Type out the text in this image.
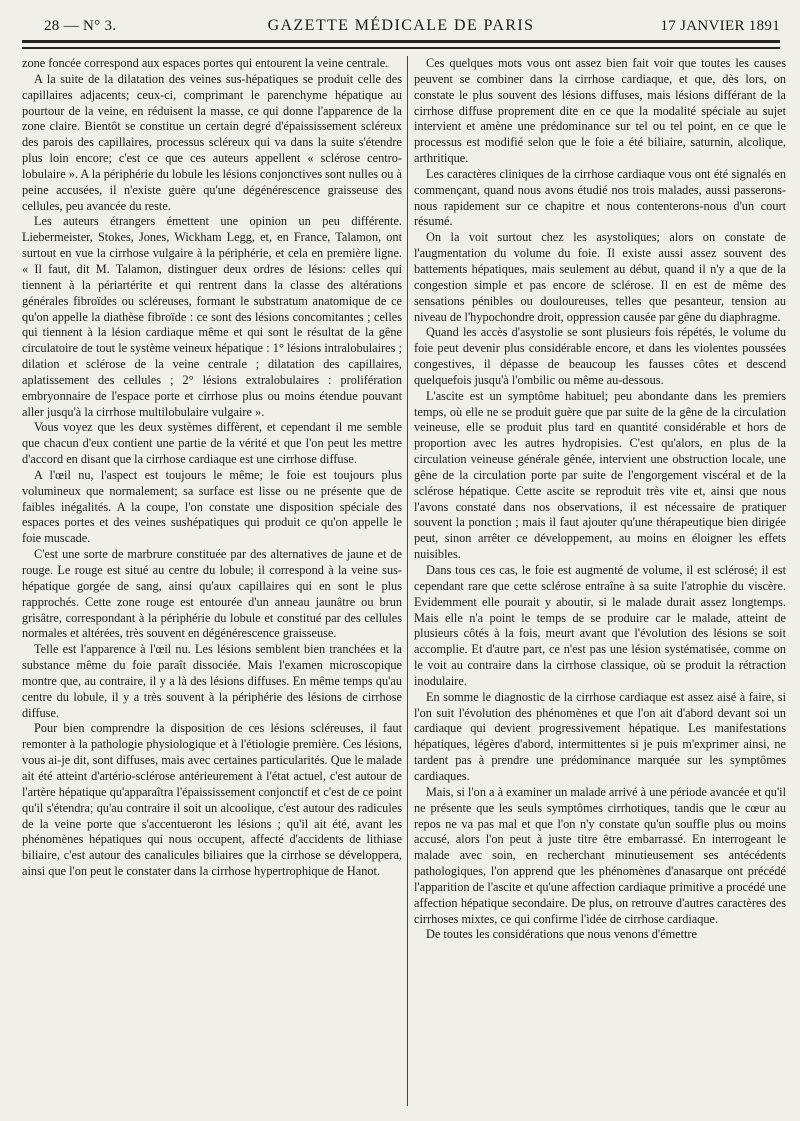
28 — N° 3.	GAZETTE MÉDICALE DE PARIS	17 JANVIER 1891

zone foncée correspond aux espaces portes qui entourent la veine centrale.

A la suite de la dilatation des veines sus-hépatiques se produit celle des capillaires adjacents; ceux-ci, comprimant le parenchyme hépatique au pourtour de la veine, en réduisent la masse, ce qui donne l'apparence de la zone claire. Bientôt se constitue un certain degré d'épaississement scléreux des parois des capillaires, processus scléreux qui va dans la suite s'étendre plus loin encore; c'est ce que ces auteurs appellent « sclérose centro-lobulaire ». A la périphérie du lobule les lésions conjonctives sont nulles ou à peine accusées, il n'existe guère qu'une dégénérescence graisseuse des cellules, peu avancée du reste.

Les auteurs étrangers émettent une opinion un peu différente. Liebermeister, Stokes, Jones, Wickham Legg, et, en France, Talamon, ont surtout en vue la cirrhose vulgaire à la périphérie, et cela en première ligne. « Il faut, dit M. Talamon, distinguer deux ordres de lésions: celles qui tiennent à la périartérite et qui rentrent dans la classe des altérations générales fibroïdes ou scléreuses, formant le substratum anatomique de ce qu'on appelle la diathèse fibroïde : ce sont des lésions concomitantes ; celles qui tiennent à la lésion cardiaque même et qui sont le résultat de la gêne circulatoire de tout le système veineux hépatique : 1° lésions intralobulaires ; dilation et sclérose de la veine centrale ; dilatation des capillaires, aplatissement des cellules ; 2° lésions extralobulaires : prolifération embryonnaire de l'espace porte et cirrhose plus ou moins étendue pouvant aller jusqu'à la cirrhose multilobulaire vulgaire ».

Vous voyez que les deux systèmes diffèrent, et cependant il me semble que chacun d'eux contient une partie de la vérité et que l'on peut les mettre d'accord en disant que la cirrhose cardiaque est une cirrhose diffuse.

A l'œil nu, l'aspect est toujours le même; le foie est toujours plus volumineux que normalement; sa surface est lisse ou ne présente que de faibles inégalités. A la coupe, l'on constate une disposition spéciale des espaces portes et des veines sushépatiques qui produit ce qu'on appelle le foie muscade.

C'est une sorte de marbrure constituée par des alternatives de jaune et de rouge. Le rouge est situé au centre du lobule; il correspond à la veine sus-hépatique gorgée de sang, ainsi qu'aux capillaires qui en sont le plus rapprochés. Cette zone rouge est entourée d'un anneau jaunâtre ou brun grisâtre, correspondant à la périphérie du lobule et constitué par des cellules normales et altérées, très souvent en dégénérescence graisseuse.

Telle est l'apparence à l'œil nu. Les lésions semblent bien tranchées et la substance même du foie paraît dissociée. Mais l'examen microscopique montre que, au contraire, il y a là des lésions diffuses. En même temps qu'au centre du lobule, il y a très souvent à la périphérie des lésions de cirrhose diffuse.

Pour bien comprendre la disposition de ces lésions scléreuses, il faut remonter à la pathologie physiologique et à l'étiologie première. Ces lésions, vous ai-je dit, sont diffuses, mais avec certaines particularités. Que le malade ait été atteint d'artério-sclérose antérieurement à l'état actuel, c'est autour de l'artère hépatique qu'apparaîtra l'épaississement conjonctif et c'est de ce point qu'il s'étendra; qu'au contraire il soit un alcoolique, c'est autour des radicules de la veine porte que s'accentueront les lésions ; qu'il ait été, avant les phénomènes hépatiques qui nous occupent, affecté d'accidents de lithiase biliaire, c'est autour des canalicules biliaires que la cirrhose se développera, ainsi que l'on peut le constater dans la cirrhose hypertrophique de Hanot.

Ces quelques mots vous ont assez bien fait voir que toutes les causes peuvent se combiner dans la cirrhose cardiaque, et que, dès lors, on constate le plus souvent des lésions diffuses, mais lésions différant de la cirrhose diffuse proprement dite en ce que la modalité spéciale au sujet intervient et amène une prédominance sur tel ou tel point, en ce que le processus est modifié selon que le foie a été biliaire, saturnin, alcolique, arthritique.

Les caractères cliniques de la cirrhose cardiaque vous ont été signalés en commençant, quand nous avons étudié nos trois malades, aussi passerons-nous rapidement sur ce chapitre et nous contenterons-nous d'un court résumé.

On la voit surtout chez les asystoliques; alors on constate de l'augmentation du volume du foie. Il existe aussi assez souvent des battements hépatiques, mais seulement au début, quand il n'y a que de la congestion simple et pas encore de sclérose. Il en est de même des sensations pénibles ou douloureuses, telles que pesanteur, tension au niveau de l'hypochondre droit, oppression causée par gêne du diaphragme.

Quand les accès d'asystolie se sont plusieurs fois répétés, le volume du foie peut devenir plus considérable encore, et dans les violentes poussées congestives, il dépasse de beaucoup les fausses côtes et descend quelquefois jusqu'à l'ombilic ou même au-dessous.

L'ascite est un symptôme habituel; peu abondante dans les premiers temps, où elle ne se produit guère que par suite de la gêne de la circulation veineuse, elle se produit plus tard en quantité considérable et hors de proportion avec les autres hydropisies. C'est qu'alors, en plus de la circulation veineuse générale gênée, intervient une obstruction locale, une gêne de la circulation porte par suite de l'engorgement viscéral et de la sclérose hépatique. Cette ascite se reproduit très vite et, ainsi que nous l'avons constaté dans nos observations, il est nécessaire de pratiquer souvent la ponction ; mais il faut ajouter qu'une thérapeutique bien dirigée peut, sinon arrêter ce développement, au moins en éloigner les effets nuisibles.

Dans tous ces cas, le foie est augmenté de volume, il est sclérosé; il est cependant rare que cette sclérose entraîne à sa suite l'atrophie du viscère. Evidemment elle pourait y aboutir, si le malade durait assez longtemps. Mais elle n'a point le temps de se produire car le malade, atteint de plusieurs côtés à la fois, meurt avant que l'évolution des lésions se soit accomplie. Et d'autre part, ce n'est pas une lésion systématisée, comme on le voit au contraire dans la cirrhose classique, où se produit la rétraction inodulaire.

En somme le diagnostic de la cirrhose cardiaque est assez aisé à faire, si l'on suit l'évolution des phénomènes et que l'on ait d'abord devant soi un cardiaque qui devient progressivement hépatique. Les manifestations hépatiques, légères d'abord, intermittentes si je puis m'exprimer ainsi, ne tardent pas à prendre une prédominance marquée sur les symptômes cardiaques.

Mais, si l'on a à examiner un malade arrivé à une période avancée et qu'il ne présente que les seuls symptômes cirrhotiques, tandis que le cœur au repos ne va pas mal et que l'on n'y constate qu'un souffle plus ou moins accusé, alors l'on peut à juste titre être embarrassé. En interrogeant le malade avec soin, en recherchant minutieusement ses antécédents pathologiques, l'on apprend que les phénomènes d'anasarque ont précédé l'apparition de l'ascite et qu'une affection cardiaque primitive a procédé une affection hépatique secondaire. De plus, on retrouve d'autres caractères des cirrhoses mixtes, ce qui confirme l'idée de cirrhose cardiaque.

De toutes les considérations que nous venons d'émettre
